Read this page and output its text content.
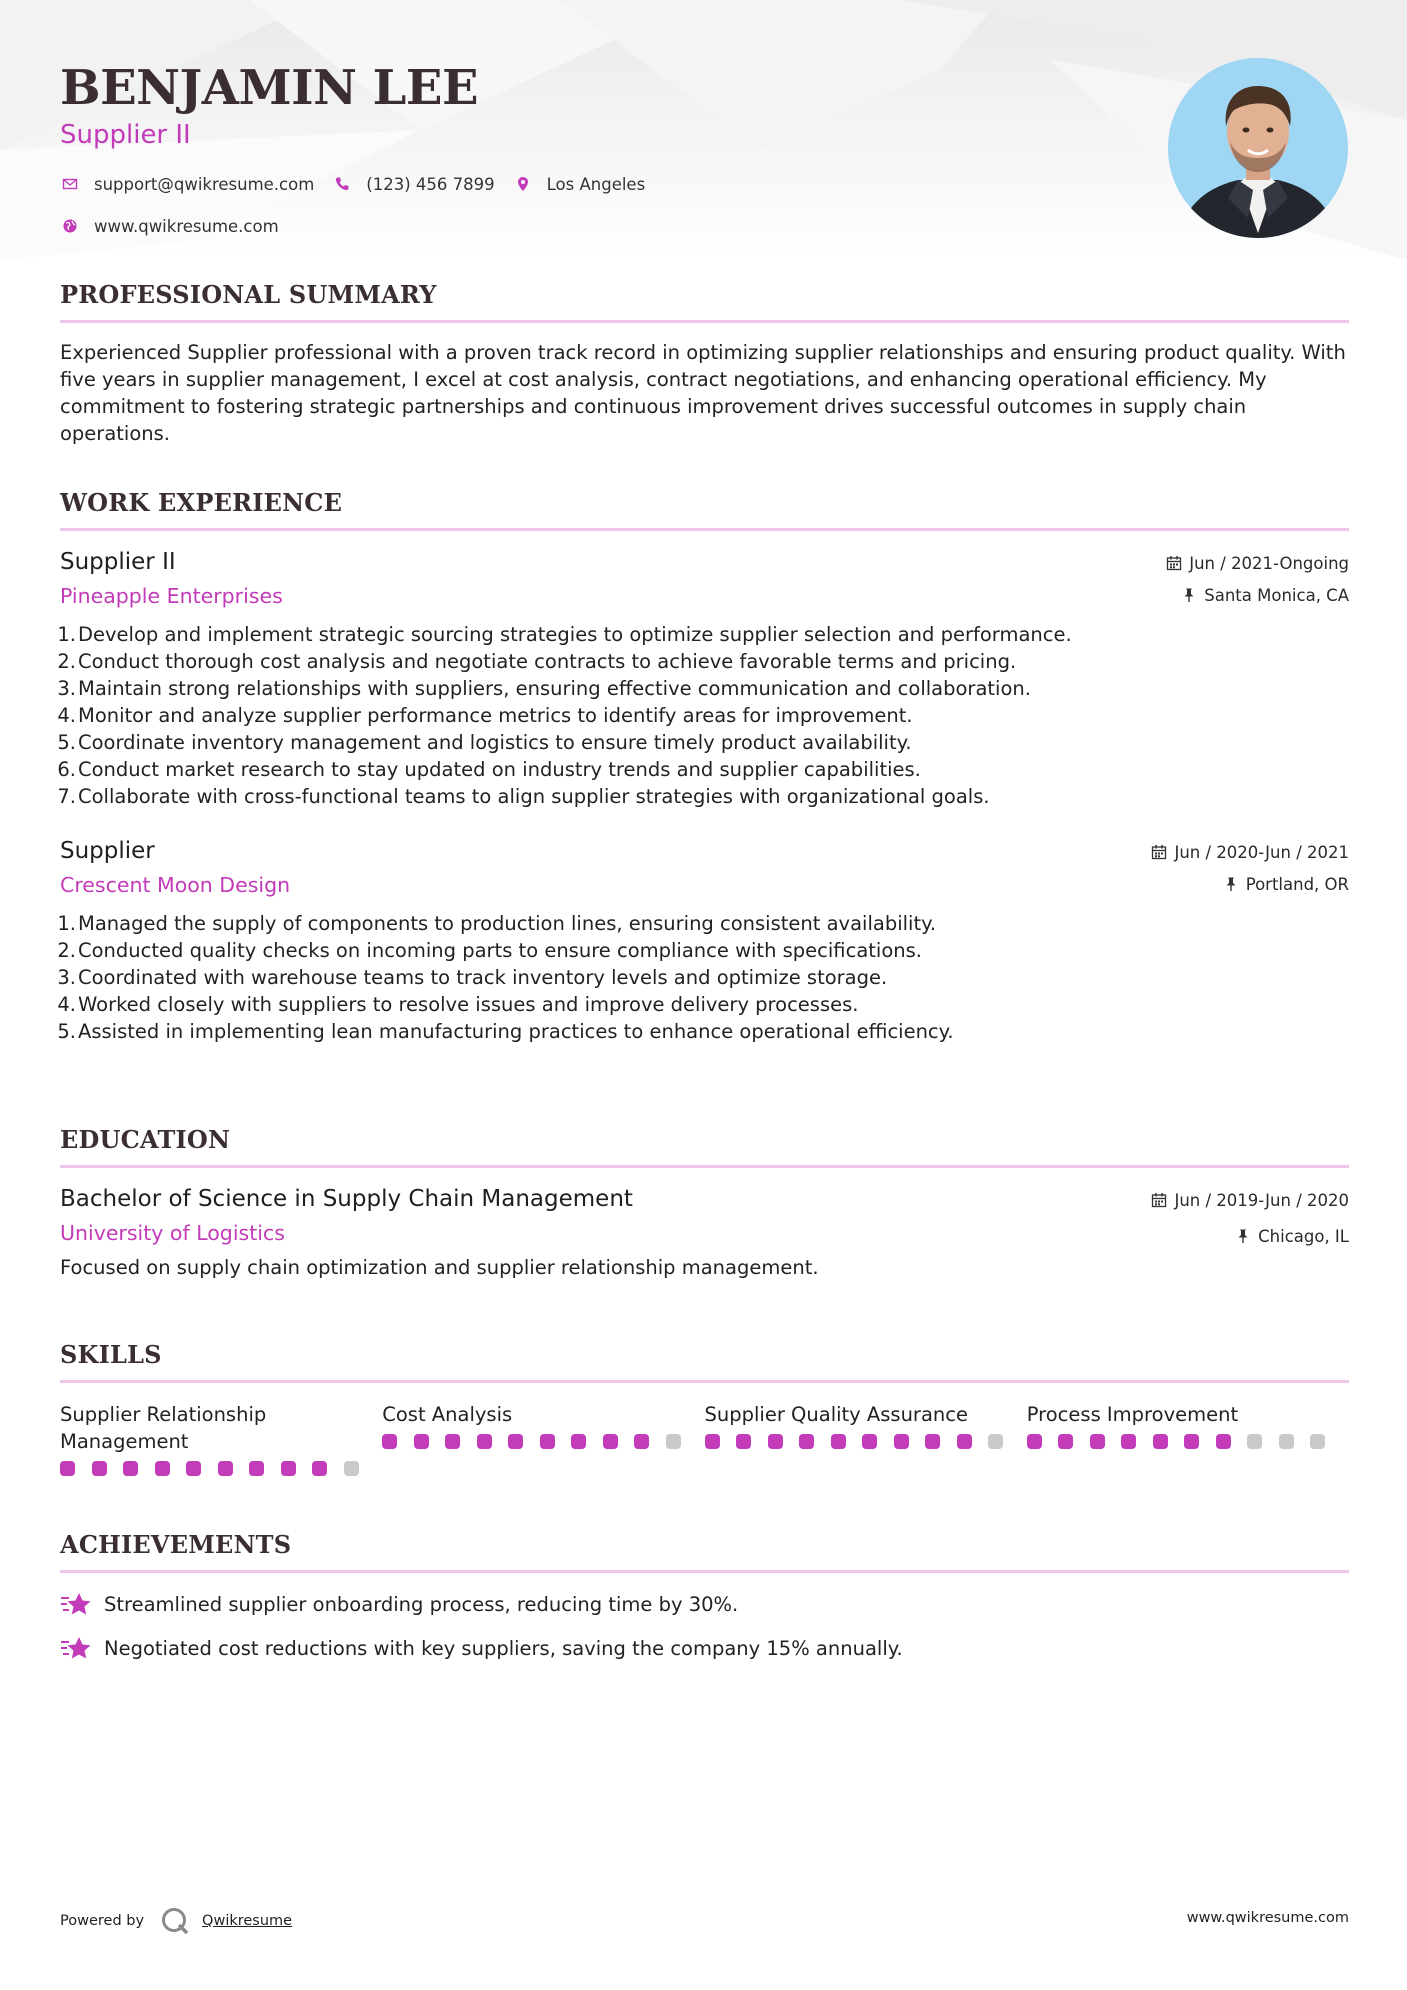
BENJAMIN LEE
Supplier II
support@qwikresume.com	(123) 456 7899	Los Angeles
www.qwikresume.com
PROFESSIONAL SUMMARY
Experienced Supplier professional with a proven track record in optimizing supplier relationships and ensuring product quality. With five years in supplier management, I excel at cost analysis, contract negotiations, and enhancing operational efficiency. My commitment to fostering strategic partnerships and continuous improvement drives successful outcomes in supply chain operations.
WORK EXPERIENCE
Supplier II
Pineapple Enterprises
Jun / 2021-Ongoing
Santa Monica, CA
1. Develop and implement strategic sourcing strategies to optimize supplier selection and performance.
2. Conduct thorough cost analysis and negotiate contracts to achieve favorable terms and pricing.
3. Maintain strong relationships with suppliers, ensuring effective communication and collaboration.
4. Monitor and analyze supplier performance metrics to identify areas for improvement.
5. Coordinate inventory management and logistics to ensure timely product availability.
6. Conduct market research to stay updated on industry trends and supplier capabilities.
7. Collaborate with cross-functional teams to align supplier strategies with organizational goals.
Supplier
Crescent Moon Design
Jun / 2020-Jun / 2021
Portland, OR
1. Managed the supply of components to production lines, ensuring consistent availability.
2. Conducted quality checks on incoming parts to ensure compliance with specifications.
3. Coordinated with warehouse teams to track inventory levels and optimize storage.
4. Worked closely with suppliers to resolve issues and improve delivery processes.
5. Assisted in implementing lean manufacturing practices to enhance operational efficiency.
EDUCATION
Bachelor of Science in Supply Chain Management
University of Logistics
Jun / 2019-Jun / 2020
Chicago, IL
Focused on supply chain optimization and supplier relationship management.
SKILLS
Supplier Relationship Management
Cost Analysis	Supplier Quality Assurance	Process Improvement
ACHIEVEMENTS
Streamlined supplier onboarding process, reducing time by 30%.
Negotiated cost reductions with key suppliers, saving the company 15% annually.
Powered by	Qwikresume	www.qwikresume.com
